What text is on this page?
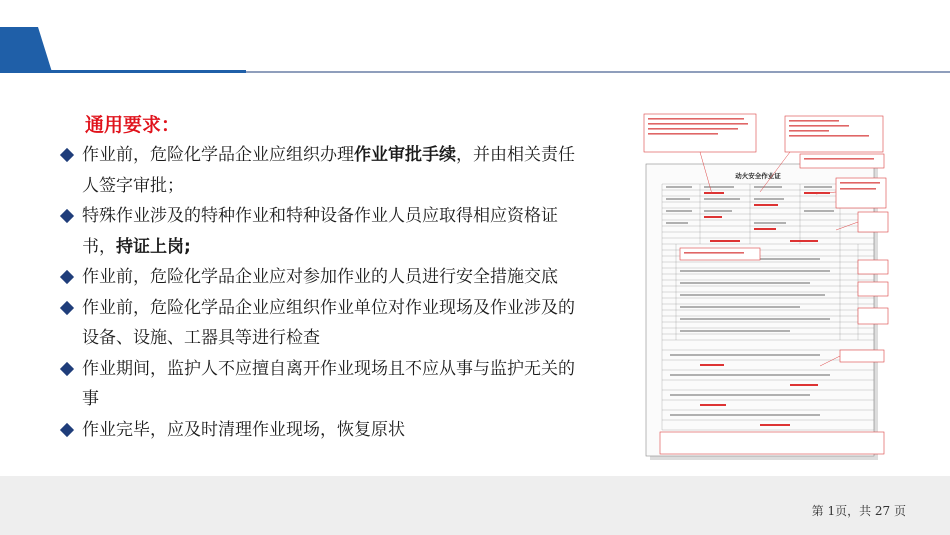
通用要求：
作业前，危险化学品企业应组织办理作业审批手续，并由相关责任人签字审批；
特殊作业涉及的特种作业和特种设备作业人员应取得相应资格证书，持证上岗;
作业前，危险化学品企业应对参加作业的人员进行安全措施交底
作业前，危险化学品企业应组织作业单位对作业现场及作业涉及的设备、设施、工器具等进行检查
作业期间，监护人不应擅自离开作业现场且不应从事与监护无关的事
作业完毕，应及时清理作业现场，恢复原状
动火安全作业证
第 1页，共 27 页
